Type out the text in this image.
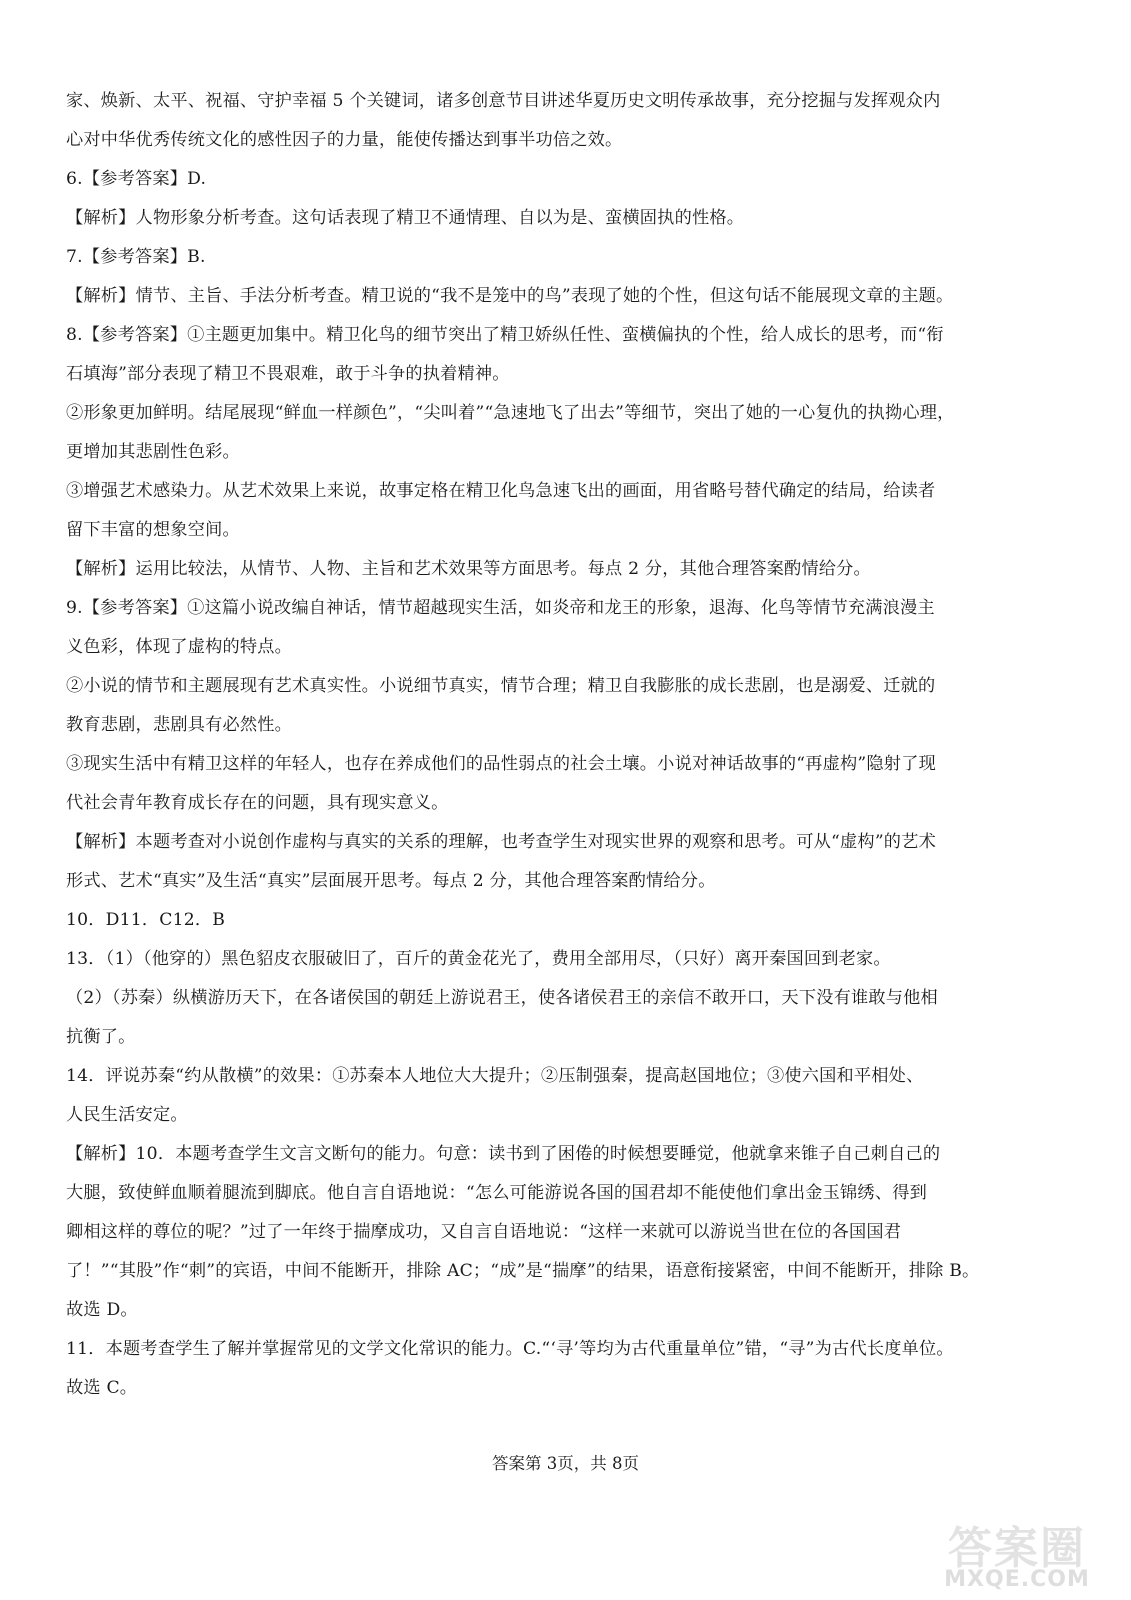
家、焕新、太平、祝福、守护幸福 5 个关键词，诸多创意节目讲述华夏历史文明传承故事，充分挖掘与发挥观众内

心对中华优秀传统文化的感性因子的力量，能使传播达到事半功倍之效。

6.【参考答案】D.

【解析】人物形象分析考查。这句话表现了精卫不通情理、自以为是、蛮横固执的性格。

7.【参考答案】B.

【解析】情节、主旨、手法分析考查。精卫说的“我不是笼中的鸟”表现了她的个性，但这句话不能展现文章的主题。

8.【参考答案】①主题更加集中。精卫化鸟的细节突出了精卫娇纵任性、蛮横偏执的个性，给人成长的思考，而“衔

石填海”部分表现了精卫不畏艰难，敢于斗争的执着精神。

②形象更加鲜明。结尾展现“鲜血一样颜色”，“尖叫着”“急速地飞了出去”等细节，突出了她的一心复仇的执拗心理，

更增加其悲剧性色彩。

③增强艺术感染力。从艺术效果上来说，故事定格在精卫化鸟急速飞出的画面，用省略号替代确定的结局，给读者

留下丰富的想象空间。

【解析】运用比较法，从情节、人物、主旨和艺术效果等方面思考。每点 2 分，其他合理答案酌情给分。

9.【参考答案】①这篇小说改编自神话，情节超越现实生活，如炎帝和龙王的形象，退海、化鸟等情节充满浪漫主

义色彩，体现了虚构的特点。

②小说的情节和主题展现有艺术真实性。小说细节真实，情节合理；精卫自我膨胀的成长悲剧，也是溺爱、迁就的

教育悲剧，悲剧具有必然性。

③现实生活中有精卫这样的年轻人，也存在养成他们的品性弱点的社会土壤。小说对神话故事的“再虚构”隐射了现

代社会青年教育成长存在的问题，具有现实意义。

【解析】本题考查对小说创作虚构与真实的关系的理解，也考查学生对现实世界的观察和思考。可从“虚构”的艺术

形式、艺术“真实”及生活“真实”层面展开思考。每点 2 分，其他合理答案酌情给分。

10．D11．C12．B

13．（1）（他穿的）黑色貂皮衣服破旧了，百斤的黄金花光了，费用全部用尽，（只好）离开秦国回到老家。

（2）（苏秦）纵横游历天下，在各诸侯国的朝廷上游说君王，使各诸侯君王的亲信不敢开口，天下没有谁敢与他相

抗衡了。

14．评说苏秦“约从散横”的效果：①苏秦本人地位大大提升；②压制强秦，提高赵国地位；③使六国和平相处、

人民生活安定。

【解析】10．本题考查学生文言文断句的能力。句意：读书到了困倦的时候想要睡觉，他就拿来锥子自己刺自己的

大腿，致使鲜血顺着腿流到脚底。他自言自语地说：“怎么可能游说各国的国君却不能使他们拿出金玉锦绣、得到

卿相这样的尊位的呢？”过了一年终于揣摩成功，又自言自语地说：“这样一来就可以游说当世在位的各国国君

了！”“其股”作“刺”的宾语，中间不能断开，排除 AC；“成”是“揣摩”的结果，语意衔接紧密，中间不能断开，排除 B。

故选 D。

11．本题考查学生了解并掌握常见的文学文化常识的能力。C.“‘寻’等均为古代重量单位”错，“寻”为古代长度单位。

故选 C。

答案第 3页，共 8页
答案圈
MXQE.COM
